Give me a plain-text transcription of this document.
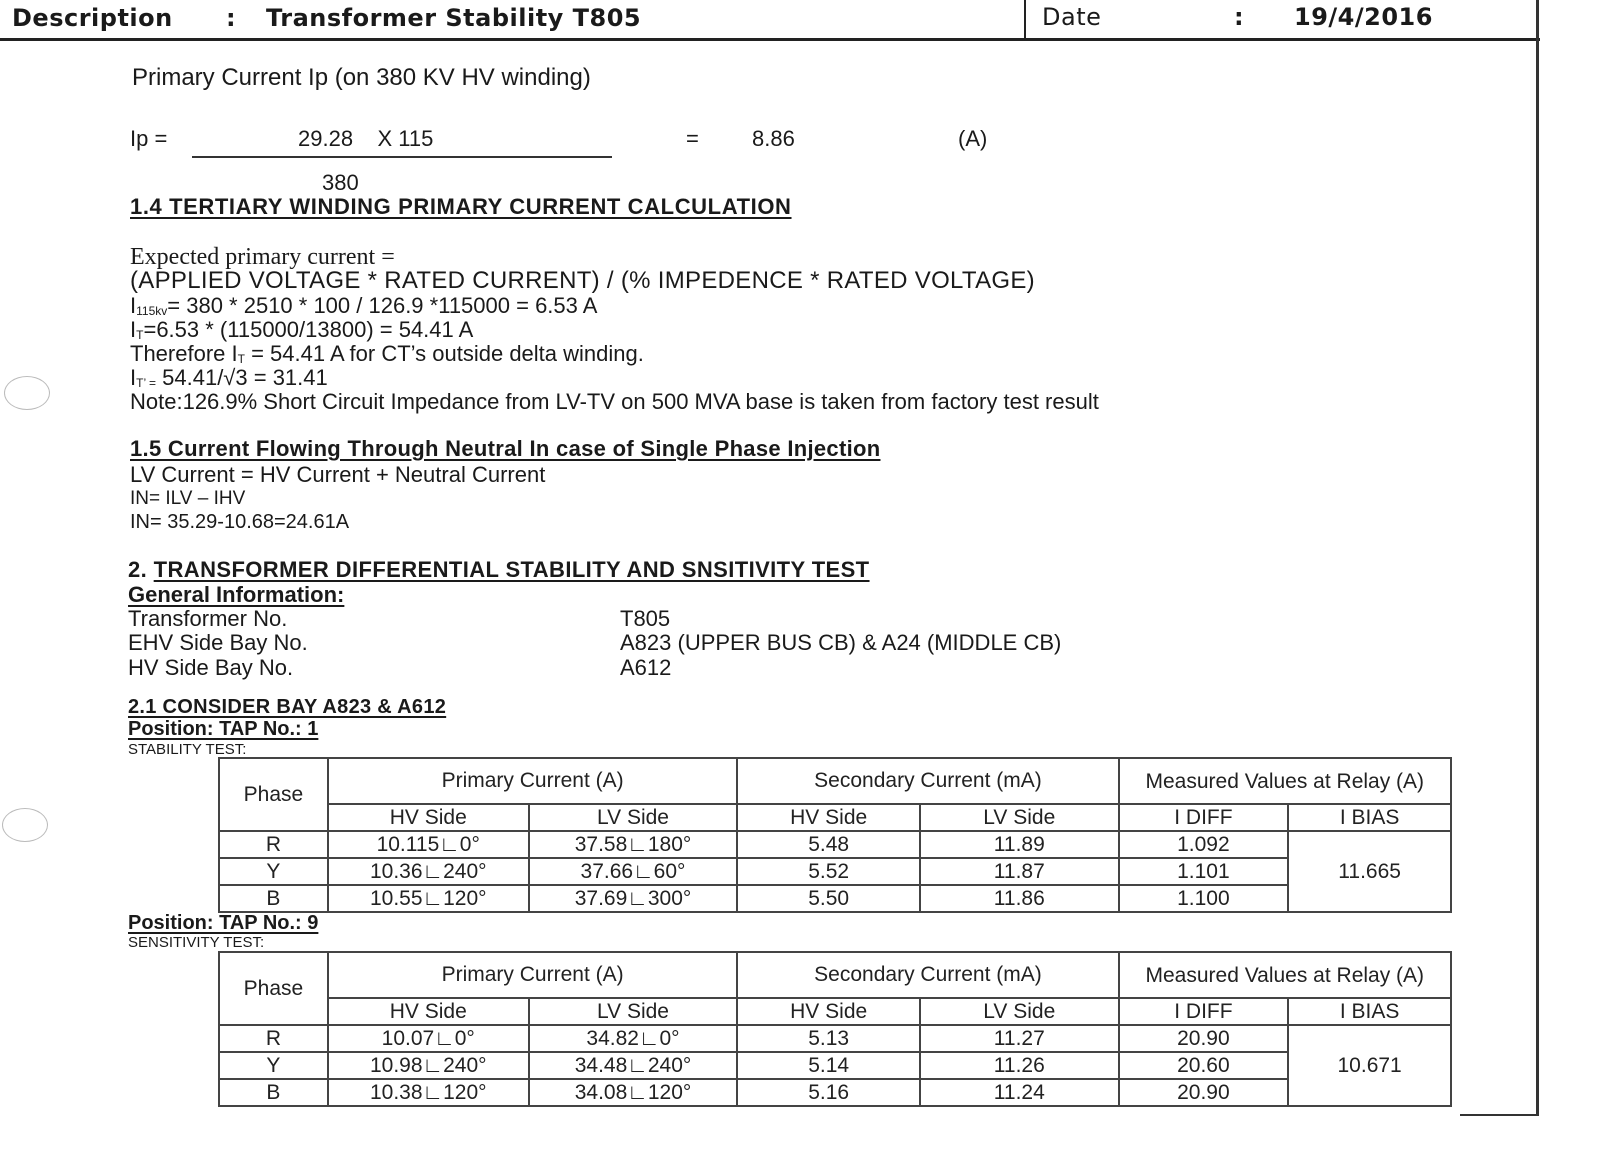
Description : Transformer Stability T805	Date	: 19/4/2016
Primary Current Ip (on 380 KV HV winding)
Ip =	29.28    X 115	= 8.86	(A)
380
1.4 TERTIARY WINDING PRIMARY CURRENT CALCULATION
Expected primary current =
(APPLIED VOLTAGE * RATED CURRENT) / (% IMPEDENCE * RATED VOLTAGE)
$I_{115kv}= 380 * 2510 * 100 / 126.9$ *115000 = 6.53 A
$I_T=6.53 * (115000/13800) = 54.41$ A
Therefore $I_T = 54.41$ A for CT’s outside delta winding.
$I_{T’ =}$ 54.41/√3 = 31.41
Note:126.9% Short Circuit Impedance from LV-TV on 500 MVA base is taken from factory test result
1.5 Current Flowing Through Neutral In case of Single Phase Injection
LV Current = HV Current + Neutral Current
IN= ILV – IHV
IN= 35.29-10.68=24.61A
2. TRANSFORMER DIFFERENTIAL STABILITY AND SNSITIVITY TEST
General Information:
Transformer No.	T805
EHV Side Bay No.	A823 (UPPER BUS CB) & A24 (MIDDLE CB)
HV Side Bay No.	A612
2.1 CONSIDER BAY A823 & A612
Position: TAP No.: 1
STABILITY TEST:
Position: TAP No.: 9
SENSITIVITY TEST:
Phase	Primary Current (A)		Secondary Current (mA)		Measured Values at Relay (A)	
	HV Side	LV Side	HV Side	LV Side	I DIFF	I BIAS
R	10.115∟0°	37.58∟180°	5.48	11.89	1.092	11.665
Y	10.36∟240°	37.66∟60°	5.52	11.87	1.101	
B	10.55∟120°	37.69∟300°	5.50	11.86	1.100	
Phase	Primary Current (A)		Secondary Current (mA)		Measured Values at Relay (A)	
	HV Side	LV Side	HV Side	LV Side	I DIFF	I BIAS
R	10.07∟0°	34.82∟0°	5.13	11.27	20.90	10.671
Y	10.98∟240°	34.48∟240°	5.14	11.26	20.60	
B	10.38∟120°	34.08∟120°	5.16	11.24	20.90	
